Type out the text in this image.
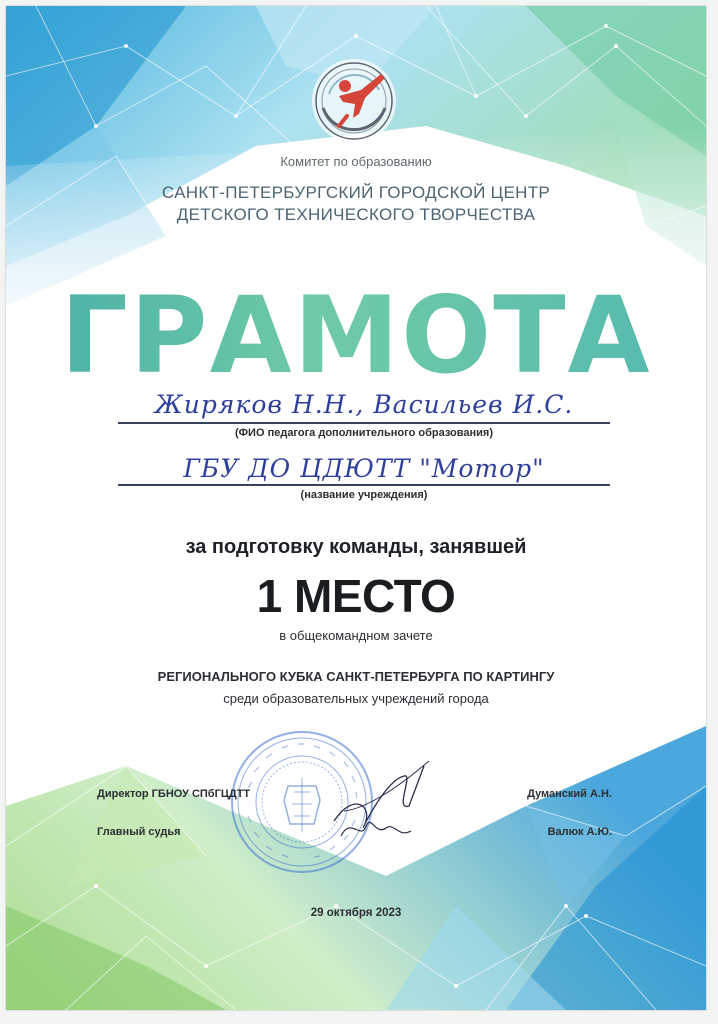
Комитет по образованию
САНКТ-ПЕТЕРБУРГСКИЙ ГОРОДСКОЙ ЦЕНТР
ДЕТСКОГО ТЕХНИЧЕСКОГО ТВОРЧЕСТВА
ГРАМОТА
Жиряков Н.Н., Васильев И.С.
(ФИО педагога дополнительного образования)
ГБУ ДО ЦДЮТТ "Мотор"
(название учреждения)
за подготовку команды, занявшей
1 МЕСТО
в общекомандном зачете
РЕГИОНАЛЬНОГО КУБКА САНКТ-ПЕТЕРБУРГА ПО КАРТИНГУ
среди образовательных учреждений города
Директор ГБНОУ СПбГЦДТТ	Думанский А.Н.
Главный судья	Валюк А.Ю.
29 октября 2023
